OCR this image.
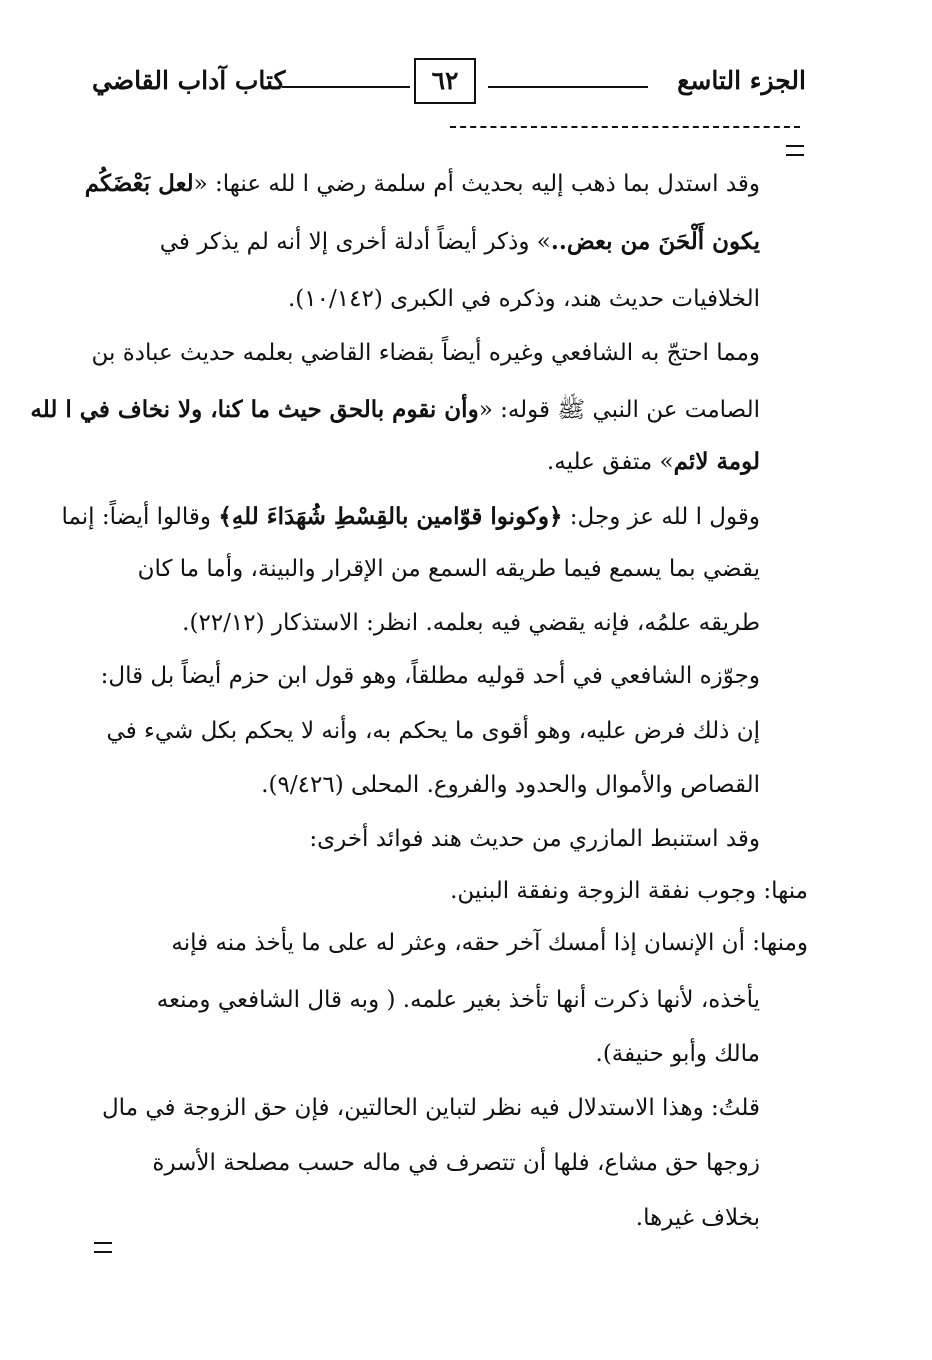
الجزء التاسع
٦٢
كتاب آداب القاضي
وقد استدل بما ذهب إليه بحديث أم سلمة رضي ا لله عنها: «لعل بَعْضَكُم
يكون أَلْحَنَ من بعض..» وذكر أيضاً أدلة أخرى إلا أنه لم يذكر في
الخلافيات حديث هند، وذكره في الكبرى (١٠/١٤٢).
ومما احتجّ به الشافعي وغيره أيضاً بقضاء القاضي بعلمه حديث عبادة بن
الصامت عن النبي ﷺ قوله: «وأن نقوم بالحق حيث ما كنا، ولا نخاف في ا لله
لومة لائم» متفق عليه.
وقول ا لله عز وجل: ﴿وكونوا قوّامين بالقِسْطِ شُهَدَاءَ للهِ﴾ وقالوا أيضاً: إنما
يقضي بما يسمع فيما طريقه السمع من الإقرار والبينة، وأما ما كان
طريقه علمُه، فإنه يقضي فيه بعلمه. انظر: الاستذكار (٢٢/١٢).
وجوّزه الشافعي في أحد قوليه مطلقاً، وهو قول ابن حزم أيضاً بل قال:
إن ذلك فرض عليه، وهو أقوى ما يحكم به، وأنه لا يحكم بكل شيء في
القصاص والأموال والحدود والفروع. المحلى (٩/٤٢٦).
وقد استنبط المازري من حديث هند فوائد أخرى:
منها: وجوب نفقة الزوجة ونفقة البنين.
ومنها: أن الإنسان إذا أمسك آخر حقه، وعثر له على ما يأخذ منه فإنه
يأخذه، لأنها ذكرت أنها تأخذ بغير علمه. ( وبه قال الشافعي ومنعه
مالك وأبو حنيفة).
قلتُ: وهذا الاستدلال فيه نظر لتباين الحالتين، فإن حق الزوجة في مال
زوجها حق مشاع، فلها أن تتصرف في ماله حسب مصلحة الأسرة
بخلاف غيرها.
